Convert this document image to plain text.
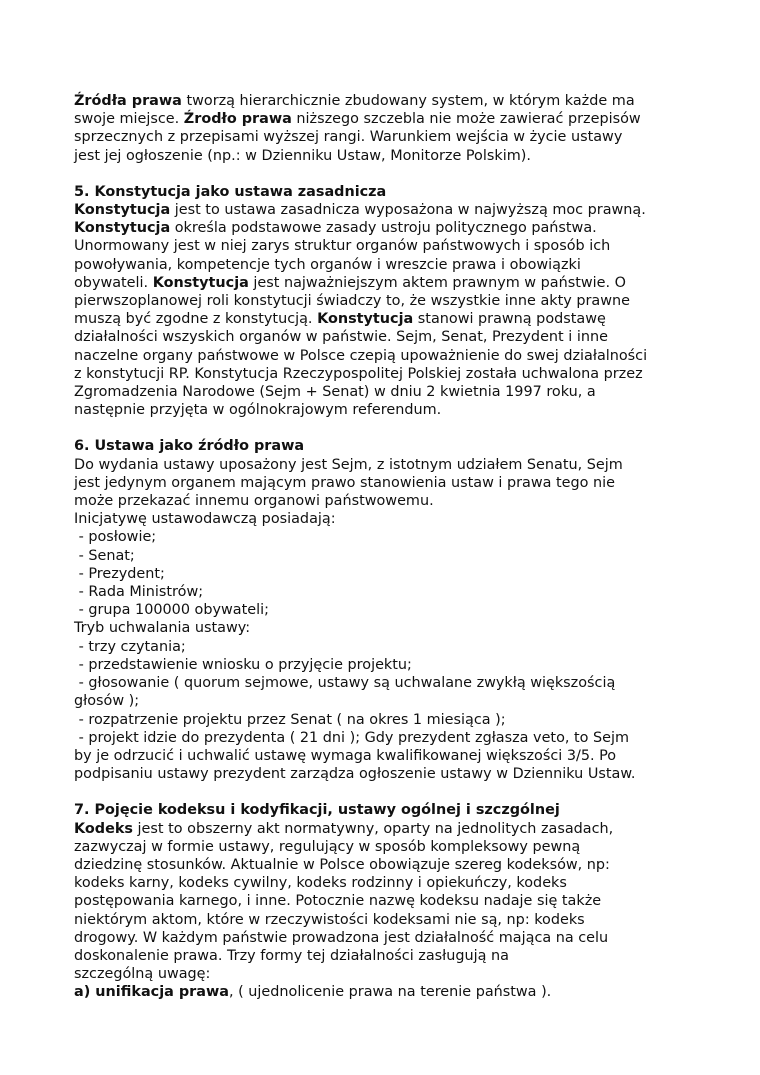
Źródła prawa tworzą hierarchicznie zbudowany system, w którym każde ma
swoje miejsce. Źrodło prawa niższego szczebla nie może zawierać przepisów
sprzecznych z przepisami wyższej rangi. Warunkiem wejścia w życie ustawy
jest jej ogłoszenie (np.: w Dzienniku Ustaw, Monitorze Polskim).
5. Konstytucja jako ustawa zasadnicza
Konstytucja jest to ustawa zasadnicza wyposażona w najwyższą moc prawną.
Konstytucja określa podstawowe zasady ustroju politycznego państwa.
Unormowany jest w niej zarys struktur organów państwowych i sposób ich
powoływania, kompetencje tych organów i wreszcie prawa i obowiązki
obywateli. Konstytucja jest najważniejszym aktem prawnym w państwie. O
pierwszoplanowej roli konstytucji świadczy to, że wszystkie inne akty prawne
muszą być zgodne z konstytucją. Konstytucja stanowi prawną podstawę
działalności wszyskich organów w państwie. Sejm, Senat, Prezydent i inne
naczelne organy państwowe w Polsce czepią upoważnienie do swej działalności
z konstytucji RP. Konstytucja Rzeczypospolitej Polskiej została uchwalona przez
Zgromadzenia Narodowe (Sejm + Senat) w dniu 2 kwietnia 1997 roku, a
następnie przyjęta w ogólnokrajowym referendum.
6. Ustawa jako źródło prawa
Do wydania ustawy uposażony jest Sejm, z istotnym udziałem Senatu, Sejm
jest jedynym organem mającym prawo stanowienia ustaw i prawa tego nie
może przekazać innemu organowi państwowemu.
Inicjatywę ustawodawczą posiadają:
- posłowie;
- Senat;
- Prezydent;
- Rada Ministrów;
- grupa 100000 obywateli;
Tryb uchwalania ustawy:
- trzy czytania;
- przedstawienie wniosku o przyjęcie projektu;
- głosowanie ( quorum sejmowe, ustawy są uchwalane zwykłą większością
głosów );
- rozpatrzenie projektu przez Senat ( na okres 1 miesiąca );
- projekt idzie do prezydenta ( 21 dni ); Gdy prezydent zgłasza veto, to Sejm
by je odrzucić i uchwalić ustawę wymaga kwalifikowanej większości 3/5. Po
podpisaniu ustawy prezydent zarządza ogłoszenie ustawy w Dzienniku Ustaw.
7. Pojęcie kodeksu i kodyfikacji, ustawy ogólnej i szczgólnej
Kodeks jest to obszerny akt normatywny, oparty na jednolitych zasadach,
zazwyczaj w formie ustawy, regulujący w sposób kompleksowy pewną
dziedzinę stosunków. Aktualnie w Polsce obowiązuje szereg kodeksów, np:
kodeks karny, kodeks cywilny, kodeks rodzinny i opiekuńczy, kodeks
postępowania karnego, i inne. Potocznie nazwę kodeksu nadaje się także
niektórym aktom, które w rzeczywistości kodeksami nie są, np: kodeks
drogowy. W każdym państwie prowadzona jest działalność mająca na celu
doskonalenie prawa. Trzy formy tej działalności zasługują na
szczególną uwagę:
a) unifikacja prawa, ( ujednolicenie prawa na terenie państwa ).
